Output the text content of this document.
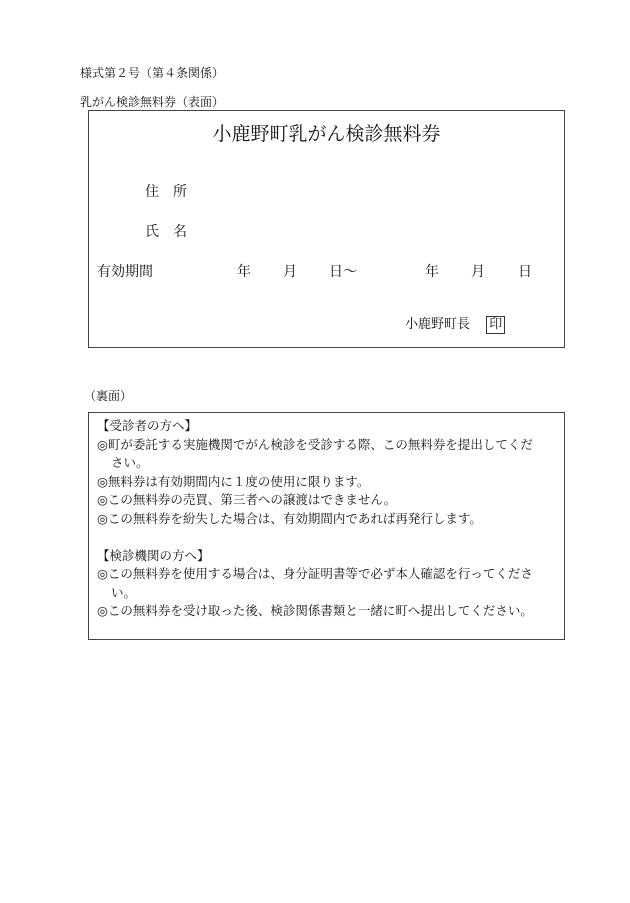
様式第２号（第４条関係）
乳がん検診無料券（表面）
小鹿野町乳がん検診無料券
住　所
氏　名
有効期間	年 月 日〜	年 月 日
小鹿野町長 印
（裏面）
【受診者の方へ】
◎町が委託する実施機関でがん検診を受診する際、この無料券を提出してくだ
さい。
◎無料券は有効期間内に１度の使用に限ります。
◎この無料券の売買、第三者への譲渡はできません。
◎この無料券を紛失した場合は、有効期間内であれば再発行します。
【検診機関の方へ】
◎この無料券を使用する場合は、身分証明書等で必ず本人確認を行ってくださ
い。
◎この無料券を受け取った後、検診関係書類と一緒に町へ提出してください。
